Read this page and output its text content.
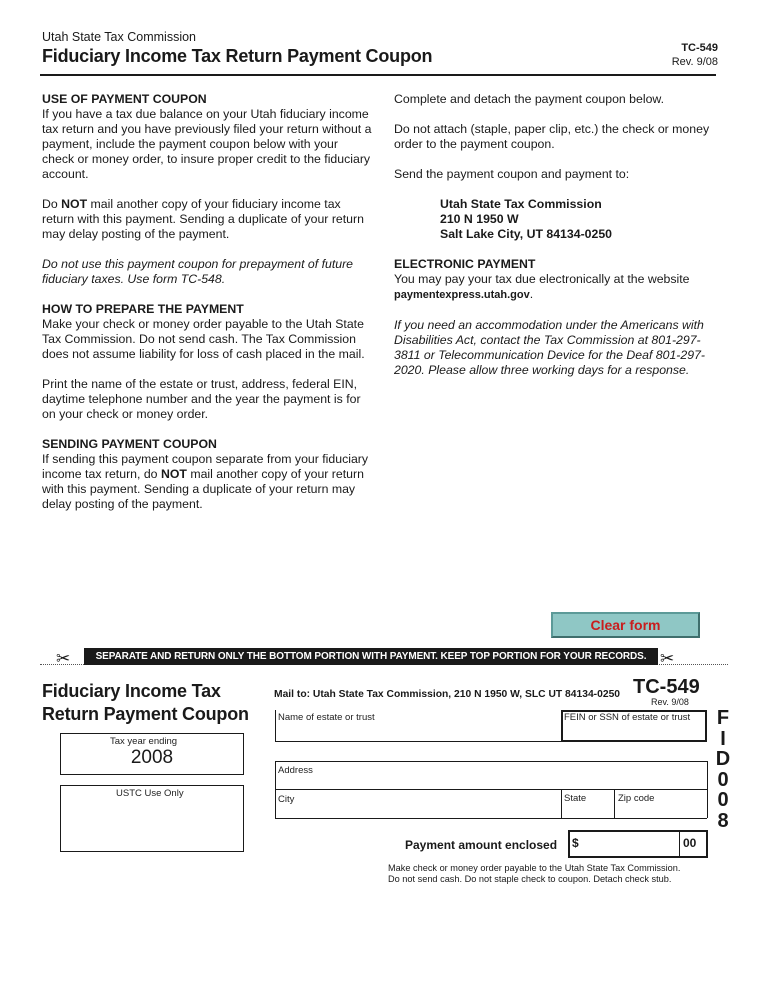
Utah State Tax Commission
Fiduciary Income Tax Return Payment Coupon	TC-549
Rev. 9/08
USE OF PAYMENT COUPON
If you have a tax due balance on your Utah fiduciary income tax return and you have previously filed your return without a payment, include the payment coupon below with your check or money order, to insure proper credit to the fiduciary account.
Do NOT mail another copy of your fiduciary income tax return with this payment. Sending a duplicate of your return may delay posting of the payment.
Do not use this payment coupon for prepayment of future fiduciary taxes. Use form TC-548.
HOW TO PREPARE THE PAYMENT
Make your check or money order payable to the Utah State Tax Commission. Do not send cash. The Tax Commission does not assume liability for loss of cash placed in the mail.
Print the name of the estate or trust, address, federal EIN, daytime telephone number and the year the payment is for on your check or money order.
SENDING PAYMENT COUPON
If sending this payment coupon separate from your fiduciary income tax return, do NOT mail another copy of your return with this payment. Sending a duplicate of your return may delay posting of the payment.
Complete and detach the payment coupon below.
Do not attach (staple, paper clip, etc.) the check or money order to the payment coupon.
Send the payment coupon and payment to:
Utah State Tax Commission
210 N 1950 W
Salt Lake City, UT 84134-0250
ELECTRONIC PAYMENT
You may pay your tax due electronically at the website
paymentexpress.utah.gov.
If you need an accommodation under the Americans with Disabilities Act, contact the Tax Commission at 801-297-3811 or Telecommunication Device for the Deaf 801-297-2020. Please allow three working days for a response.
Clear form
✂	✂
SEPARATE AND RETURN ONLY THE BOTTOM PORTION WITH PAYMENT. KEEP TOP PORTION FOR YOUR RECORDS.
Fiduciary Income Tax
Return Payment Coupon
Mail to: Utah State Tax Commission, 210 N 1950 W, SLC UT 84134-0250 TC-549
Rev. 9/08
F
I
D
0
0
8
Tax year ending
2008
USTC Use Only
Name of estate or trust	FEIN or SSN of estate or trust
Address
City	State	Zip code
Payment amount enclosed $	00
Make check or money order payable to the Utah State Tax Commission.
Do not send cash. Do not staple check to coupon. Detach check stub.
